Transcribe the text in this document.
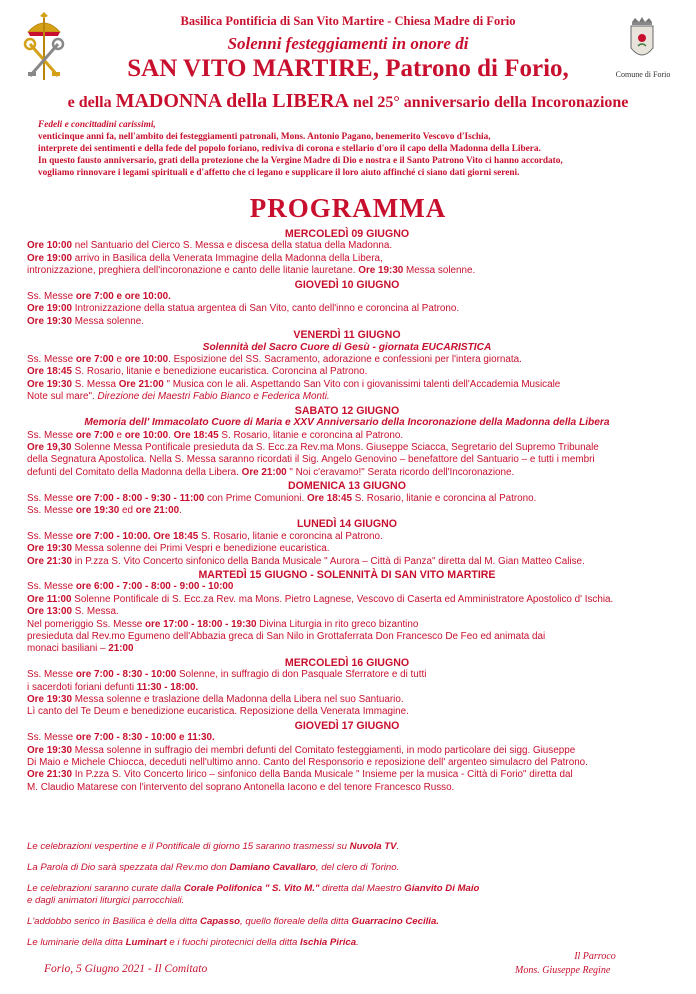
Comune di Forio
Basilica Pontificia di San Vito Martire - Chiesa Madre di Forio
Solenni festeggiamenti in onore di
SAN VITO MARTIRE, Patrono di Forio,
e della MADONNA della LIBERA nel 25° anniversario della Incoronazione
Fedeli e concittadini carissimi,
venticinque anni fa, nell'ambito dei festeggiamenti patronali, Mons. Antonio Pagano, benemerito Vescovo d'Ischia,
interprete dei sentimenti e della fede del popolo foriano, rediviva di corona e stellario d'oro il capo della Madonna della Libera.
In questo fausto anniversario, grati della protezione che la Vergine Madre di Dio e nostra e il Santo Patrono Vito ci hanno accordato,
vogliamo rinnovare i legami spirituali e d'affetto che ci legano e supplicare il loro aiuto affinché ci siano dati giorni sereni.
PROGRAMMA
MERCOLEDÌ 09 GIUGNO
Ore 10:00 nel Santuario del Cierco S. Messa e discesa della statua della Madonna.
Ore 19:00 arrivo in Basilica della Venerata Immagine della Madonna della Libera,
intronizzazione, preghiera dell'incoronazione e canto delle litanie lauretane. Ore 19:30 Messa solenne.
GIOVEDÌ 10 GIUGNO
Ss. Messe ore 7:00 e ore 10:00.
Ore 19:00 Intronizzazione della statua argentea di San Vito, canto dell'inno e coroncina al Patrono.
Ore 19:30 Messa solenne.
VENERDÌ 11 GIUGNO
Solennità del Sacro Cuore di Gesù - giornata EUCARISTICA
Ss. Messe ore 7:00 e ore 10:00. Esposizione del SS. Sacramento, adorazione e confessioni per l'intera giornata.
Ore 18:45 S. Rosario, litanie e benedizione eucaristica. Coroncina al Patrono.
Ore 19:30 S. Messa Ore 21:00 " Musica con le ali. Aspettando San Vito con i giovanissimi talenti dell'Accademia Musicale
Note sul mare". Direzione dei Maestri Fabio Bianco e Federica Monti.
SABATO 12 GIUGNO
Memoria dell' Immacolato Cuore di Maria e XXV Anniversario della Incoronazione della Madonna della Libera
Ss. Messe ore 7:00 e ore 10:00. Ore 18:45 S. Rosario, litanie e coroncina al Patrono.
Ore 19,30 Solenne Messa Pontificale presieduta da S. Ecc.za Rev.ma Mons. Giuseppe Sciacca, Segretario del Supremo Tribunale
della Segnatura Apostolica. Nella S. Messa saranno ricordati il Sig. Angelo Genovino – benefattore del Santuario – e tutti i membri
defunti del Comitato della Madonna della Libera. Ore 21:00 " Noi c'eravamo!" Serata ricordo dell'Incoronazione.
DOMENICA 13 GIUGNO
Ss. Messe ore 7:00 - 8:00 - 9:30 - 11:00 con Prime Comunioni. Ore 18:45 S. Rosario, litanie e coroncina al Patrono.
Ss. Messe ore 19:30 ed ore 21:00.
LUNEDÌ 14 GIUGNO
Ss. Messe ore 7:00 - 10:00. Ore 18:45 S. Rosario, litanie e coroncina al Patrono.
Ore 19:30 Messa solenne dei Primi Vespri e benedizione eucaristica.
Ore 21:30 in P.zza S. Vito Concerto sinfonico della Banda Musicale " Aurora – Città di Panza" diretta dal M. Gian Matteo Calise.
MARTEDÌ 15 GIUGNO - SOLENNITÀ DI SAN VITO MARTIRE
Ss. Messe ore 6:00 - 7:00 - 8:00 - 9:00 - 10:00
Ore 11:00 Solenne Pontificale di S. Ecc.za Rev. ma Mons. Pietro Lagnese, Vescovo di Caserta ed Amministratore Apostolico d' Ischia.
Ore 13:00 S. Messa.
Nel pomeriggio Ss. Messe ore 17:00 - 18:00 - 19:30 Divina Liturgia in rito greco bizantino
presieduta dal Rev.mo Egumeno dell'Abbazia greca di San Nilo in Grottaferrata Don Francesco De Feo ed animata dai
monaci basiliani – 21:00
MERCOLEDÌ 16 GIUGNO
Ss. Messe ore 7:00 - 8:30 - 10:00 Solenne, in suffragio di don Pasquale Sferratore e di tutti
i sacerdoti foriani defunti 11:30 - 18:00.
Ore 19:30 Messa solenne e traslazione della Madonna della Libera nel suo Santuario.
Lì canto del Te Deum e benedizione eucaristica. Reposizione della Venerata Immagine.
GIOVEDÌ 17 GIUGNO
Ss. Messe ore 7:00 - 8:30 - 10:00 e 11:30.
Ore 19:30 Messa solenne in suffragio dei membri defunti del Comitato festeggiamenti, in modo particolare dei sigg. Giuseppe
Di Maio e Michele Chiocca, deceduti nell'ultimo anno. Canto del Responsorio e reposizione dell' argenteo simulacro del Patrono.
Ore 21:30 In P.zza S. Vito Concerto lirico – sinfonico della Banda Musicale " Insieme per la musica - Città di Forio" diretta dal
M. Claudio Matarese con l'intervento del soprano Antonella Iacono e del tenore Francesco Russo.
Le celebrazioni vespertine e il Pontificale di giorno 15 saranno trasmessi su Nuvola TV.
La Parola di Dio sarà spezzata dal Rev.mo don Damiano Cavallaro, del clero di Torino.
Le celebrazioni saranno curate dalla Corale Polifonica " S. Vito M." diretta dal Maestro Gianvito Di Maio
e dagli animatori liturgici parrocchiali.
L'addobbo serico in Basilica è della ditta Capasso, quello floreale della ditta Guarracino Cecilia.
Le luminarie della ditta Luminart e i fuochi pirotecnici della ditta Ischia Pirica.
Forio, 5 Giugno 2021 - Il Comitato
Il Parroco
Mons. Giuseppe Regine
